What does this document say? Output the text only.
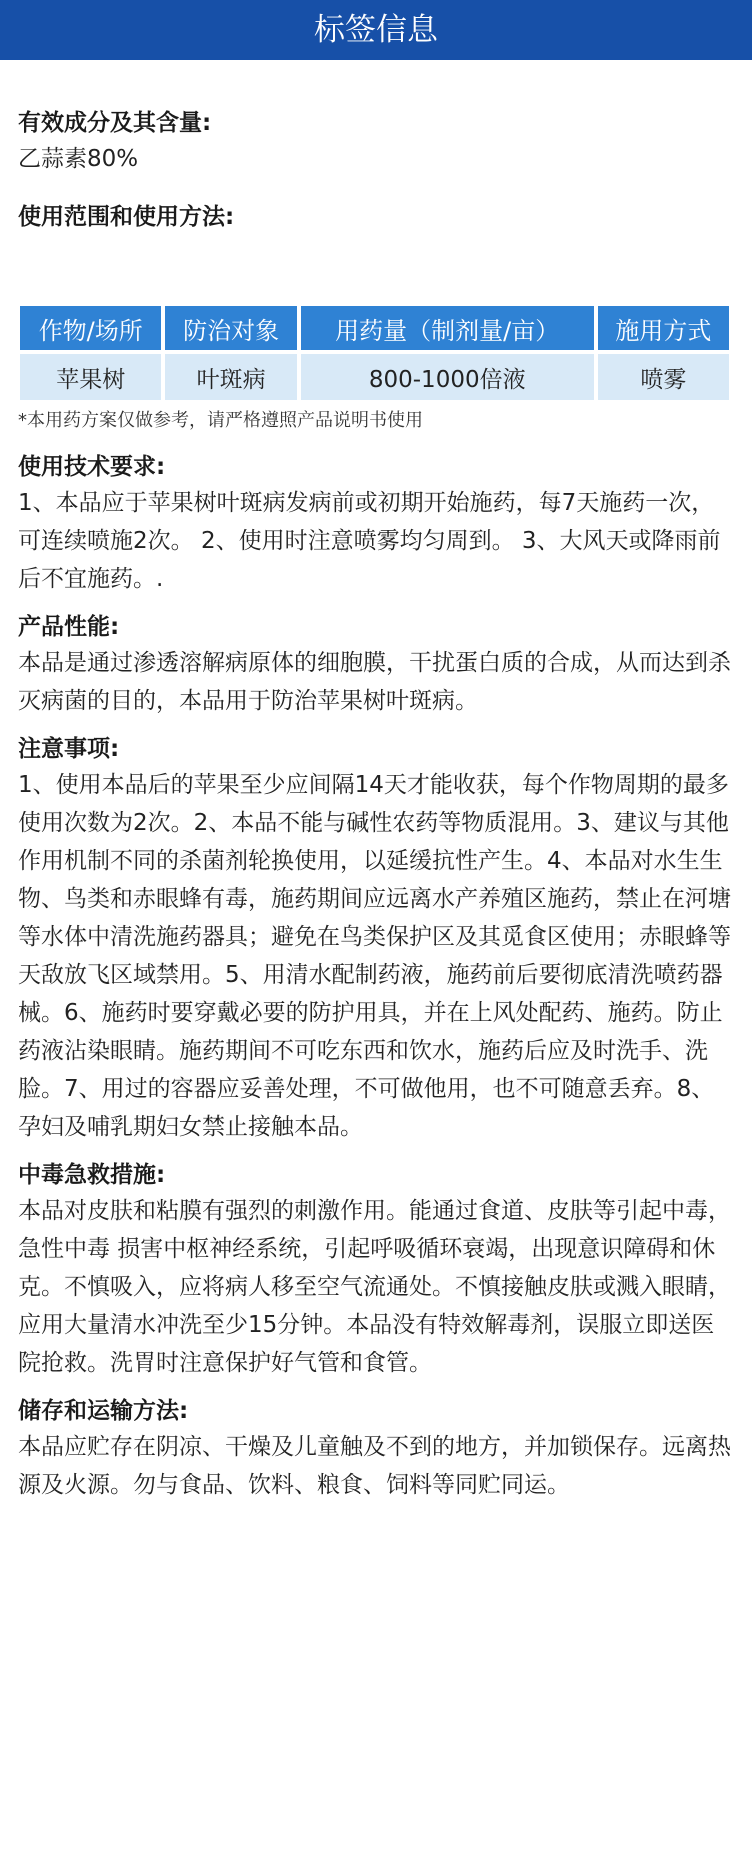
标签信息

有效成分及其含量:

乙蒜素80%

使用范围和使用方法:

作物/场所	防治对象	用药量（制剂量/亩）	施用方式
苹果树	叶斑病	800-1000倍液	喷雾

*本用药方案仅做参考，请严格遵照产品说明书使用

使用技术要求:

1、本品应于苹果树叶斑病发病前或初期开始施药，每7天施药一次，可连续喷施2次。 2、使用时注意喷雾均匀周到。 3、大风天或降雨前后不宜施药。.

产品性能:

本品是通过渗透溶解病原体的细胞膜，干扰蛋白质的合成，从而达到杀灭病菌的目的，本品用于防治苹果树叶斑病。

注意事项:

1、使用本品后的苹果至少应间隔14天才能收获，每个作物周期的最多使用次数为2次。2、本品不能与碱性农药等物质混用。3、建议与其他作用机制不同的杀菌剂轮换使用，以延缓抗性产生。4、本品对水生生物、鸟类和赤眼蜂有毒，施药期间应远离水产养殖区施药，禁止在河塘等水体中清洗施药器具；避免在鸟类保护区及其觅食区使用；赤眼蜂等天敌放飞区域禁用。5、用清水配制药液，施药前后要彻底清洗喷药器械。6、施药时要穿戴必要的防护用具，并在上风处配药、施药。防止药液沾染眼睛。施药期间不可吃东西和饮水，施药后应及时洗手、洗脸。7、用过的容器应妥善处理，不可做他用，也不可随意丢弃。8、孕妇及哺乳期妇女禁止接触本品。

中毒急救措施:

本品对皮肤和粘膜有强烈的刺激作用。能通过食道、皮肤等引起中毒，急性中毒 损害中枢神经系统，引起呼吸循环衰竭，出现意识障碍和休克。不慎吸入，应将病人移至空气流通处。不慎接触皮肤或溅入眼睛，应用大量清水冲洗至少15分钟。本品没有特效解毒剂，误服立即送医院抢救。洗胃时注意保护好气管和食管。

储存和运输方法:

本品应贮存在阴凉、干燥及儿童触及不到的地方，并加锁保存。远离热源及火源。勿与食品、饮料、粮食、饲料等同贮同运。
